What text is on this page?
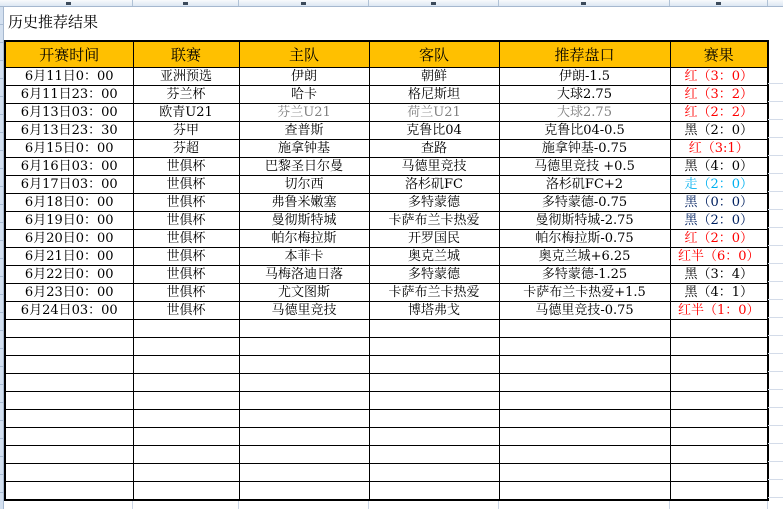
历史推荐结果
开赛时间	联赛	主队	客队	推荐盘口	赛果
6月11日0：00	亚洲预选	伊朗	朝鲜	伊朗-1.5	红（3：0）
6月11日23：00	芬兰杯	哈卡	格尼斯坦	大球2.75	红（3：2）
6月13日03：00	欧青U21	芬兰U21	荷兰U21	大球2.75	红（2：2）
6月13日23：30	芬甲	查普斯	克鲁比04	克鲁比04-0.5	黑（2：0）
6月15日0：00	芬超	施拿钟基	查路	施拿钟基-0.75	红（3:1）
6月16日03：00	世俱杯	巴黎圣日尔曼	马德里竞技	马德里竞技 +0.5	黑（4：0）
6月17日03：00	世俱杯	切尔西	洛杉矶FC	洛杉矶FC+2	走（2：0）
6月18日0：00	世俱杯	弗鲁米嫩塞	多特蒙德	多特蒙德-0.75	黑（0：0）
6月19日0：00	世俱杯	曼彻斯特城	卡萨布兰卡热爱	曼彻斯特城-2.75	黑（2：0）
6月20日0：00	世俱杯	帕尔梅拉斯	开罗国民	帕尔梅拉斯-0.75	红（2：0）
6月21日0：00	世俱杯	本菲卡	奥克兰城	奥克兰城+6.25	红半（6：0）
6月22日0：00	世俱杯	马梅洛迪日落	多特蒙德	多特蒙德-1.25	黑（3：4）
6月23日0：00	世俱杯	尤文图斯	卡萨布兰卡热爱	卡萨布兰卡热爱+1.5	黑（4：1）
6月24日03：00	世俱杯	马德里竞技	博塔弗戈	马德里竞技-0.75	红半（1：0）
